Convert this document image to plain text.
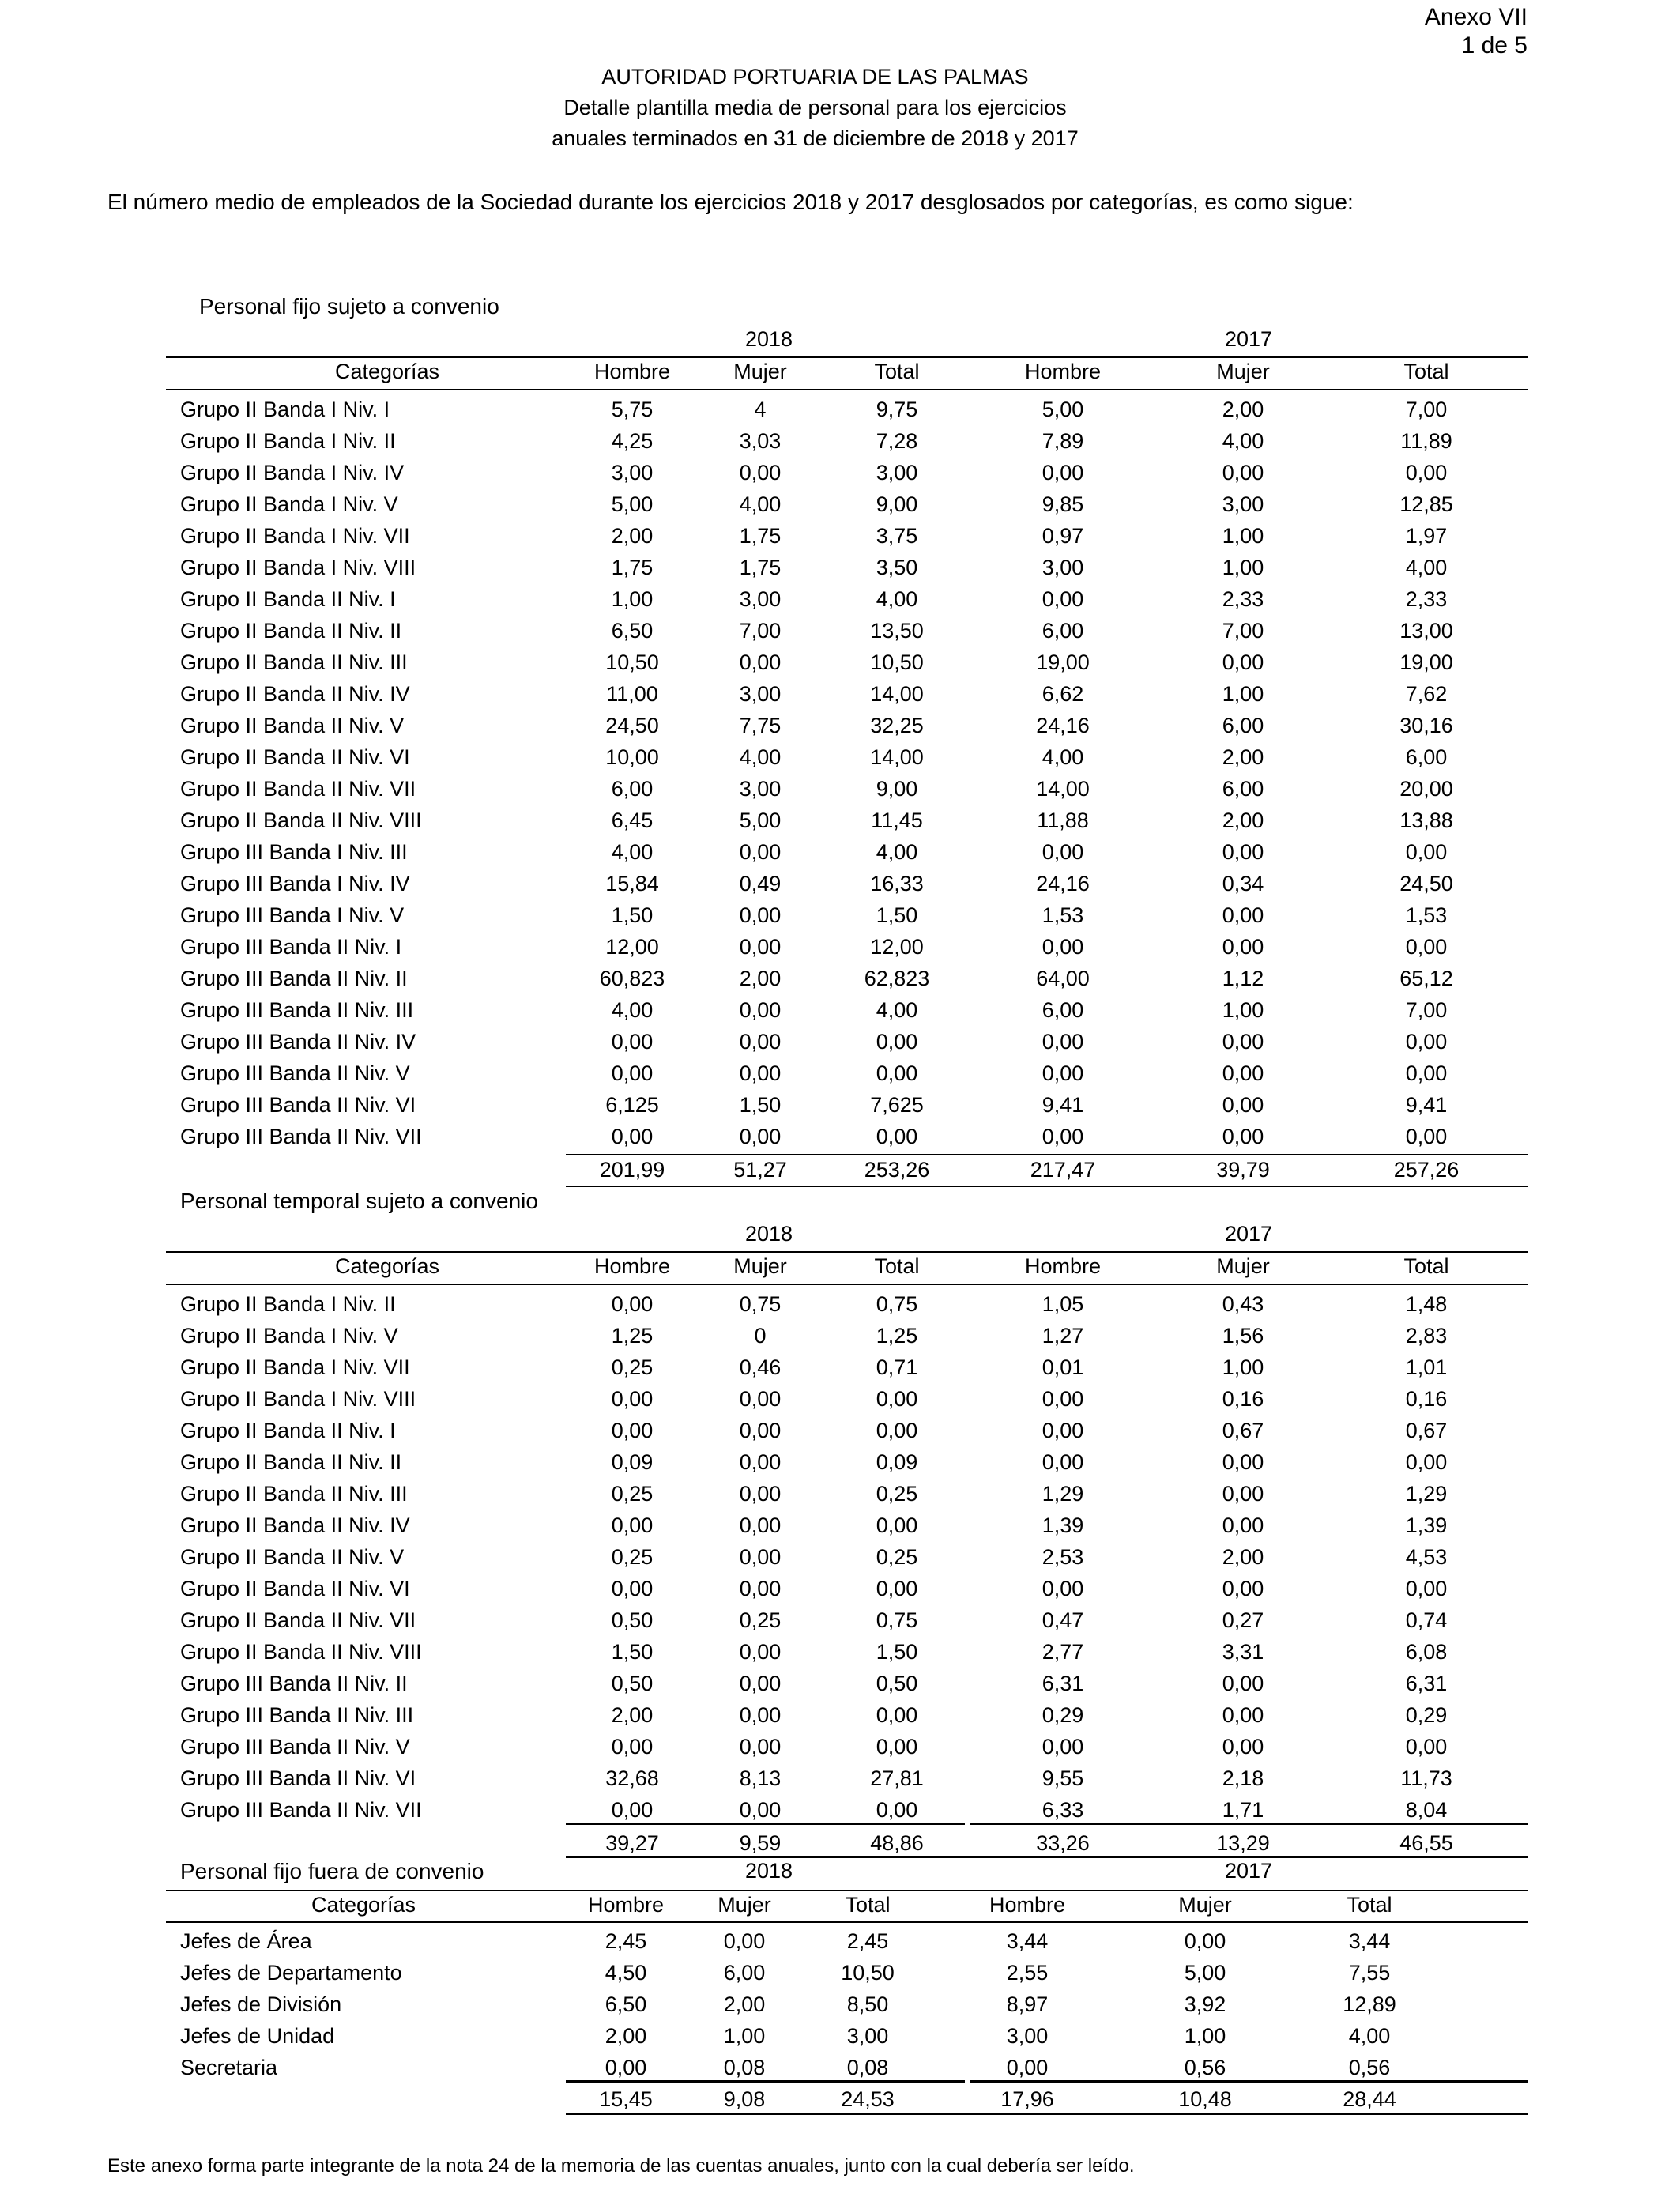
Anexo VII
1 de 5
AUTORIDAD PORTUARIA DE LAS PALMAS
Detalle plantilla media de personal para los ejercicios
anuales terminados en 31 de diciembre de 2018 y 2017
El número medio de empleados de la Sociedad durante los ejercicios 2018 y 2017 desglosados por categorías, es como sigue:
Personal fijo sujeto a convenio
2018	2017
Categorías	Hombre	Mujer	Total	Hombre	Mujer	Total
Grupo II Banda I Niv. I	5,75	4	9,75	5,00	2,00	7,00
Grupo II Banda I Niv. II	4,25	3,03	7,28	7,89	4,00	11,89
Grupo II Banda I Niv. IV	3,00	0,00	3,00	0,00	0,00	0,00
Grupo II Banda I Niv. V	5,00	4,00	9,00	9,85	3,00	12,85
Grupo II Banda I Niv. VII	2,00	1,75	3,75	0,97	1,00	1,97
Grupo II Banda I Niv. VIII	1,75	1,75	3,50	3,00	1,00	4,00
Grupo II Banda II Niv. I	1,00	3,00	4,00	0,00	2,33	2,33
Grupo II Banda II Niv. II	6,50	7,00	13,50	6,00	7,00	13,00
Grupo II Banda II Niv. III	10,50	0,00	10,50	19,00	0,00	19,00
Grupo II Banda II Niv. IV	11,00	3,00	14,00	6,62	1,00	7,62
Grupo II Banda II Niv. V	24,50	7,75	32,25	24,16	6,00	30,16
Grupo II Banda II Niv. VI	10,00	4,00	14,00	4,00	2,00	6,00
Grupo II Banda II Niv. VII	6,00	3,00	9,00	14,00	6,00	20,00
Grupo II Banda II Niv. VIII	6,45	5,00	11,45	11,88	2,00	13,88
Grupo III Banda I Niv. III	4,00	0,00	4,00	0,00	0,00	0,00
Grupo III Banda I Niv. IV	15,84	0,49	16,33	24,16	0,34	24,50
Grupo III Banda I Niv. V	1,50	0,00	1,50	1,53	0,00	1,53
Grupo III Banda II Niv. I	12,00	0,00	12,00	0,00	0,00	0,00
Grupo III Banda II Niv. II	60,823	2,00	62,823	64,00	1,12	65,12
Grupo III Banda II Niv. III	4,00	0,00	4,00	6,00	1,00	7,00
Grupo III Banda II Niv. IV	0,00	0,00	0,00	0,00	0,00	0,00
Grupo III Banda II Niv. V	0,00	0,00	0,00	0,00	0,00	0,00
Grupo III Banda II Niv. VI	6,125	1,50	7,625	9,41	0,00	9,41
Grupo III Banda II Niv. VII	0,00	0,00	0,00	0,00	0,00	0,00
201,99	51,27	253,26	217,47	39,79	257,26
Personal temporal sujeto a convenio
2018	2017
Categorías	Hombre	Mujer	Total	Hombre	Mujer	Total
Grupo II Banda I Niv. II	0,00	0,75	0,75	1,05	0,43	1,48
Grupo II Banda I Niv. V	1,25	0	1,25	1,27	1,56	2,83
Grupo II Banda I Niv. VII	0,25	0,46	0,71	0,01	1,00	1,01
Grupo II Banda I Niv. VIII	0,00	0,00	0,00	0,00	0,16	0,16
Grupo II Banda II Niv. I	0,00	0,00	0,00	0,00	0,67	0,67
Grupo II Banda II Niv. II	0,09	0,00	0,09	0,00	0,00	0,00
Grupo II Banda II Niv. III	0,25	0,00	0,25	1,29	0,00	1,29
Grupo II Banda II Niv. IV	0,00	0,00	0,00	1,39	0,00	1,39
Grupo II Banda II Niv. V	0,25	0,00	0,25	2,53	2,00	4,53
Grupo II Banda II Niv. VI	0,00	0,00	0,00	0,00	0,00	0,00
Grupo II Banda II Niv. VII	0,50	0,25	0,75	0,47	0,27	0,74
Grupo II Banda II Niv. VIII	1,50	0,00	1,50	2,77	3,31	6,08
Grupo III Banda II Niv. II	0,50	0,00	0,50	6,31	0,00	6,31
Grupo III Banda II Niv. III	2,00	0,00	0,00	0,29	0,00	0,29
Grupo III Banda II Niv. V	0,00	0,00	0,00	0,00	0,00	0,00
Grupo III Banda II Niv. VI	32,68	8,13	27,81	9,55	2,18	11,73
Grupo III Banda II Niv. VII	0,00	0,00	0,00	6,33	1,71	8,04
39,27	9,59	48,86	33,26	13,29	46,55
Personal fijo fuera de convenio	2018	2017
Categorías	Hombre	Mujer	Total	Hombre	Mujer	Total
Jefes de Área	2,45	0,00	2,45	3,44	0,00	3,44
Jefes de Departamento	4,50	6,00	10,50	2,55	5,00	7,55
Jefes de División	6,50	2,00	8,50	8,97	3,92	12,89
Jefes de Unidad	2,00	1,00	3,00	3,00	1,00	4,00
Secretaria	0,00	0,08	0,08	0,00	0,56	0,56
15,45	9,08	24,53	17,96	10,48	28,44
Este anexo forma parte integrante de la nota 24 de la memoria de las cuentas anuales, junto con la cual debería ser leído.
